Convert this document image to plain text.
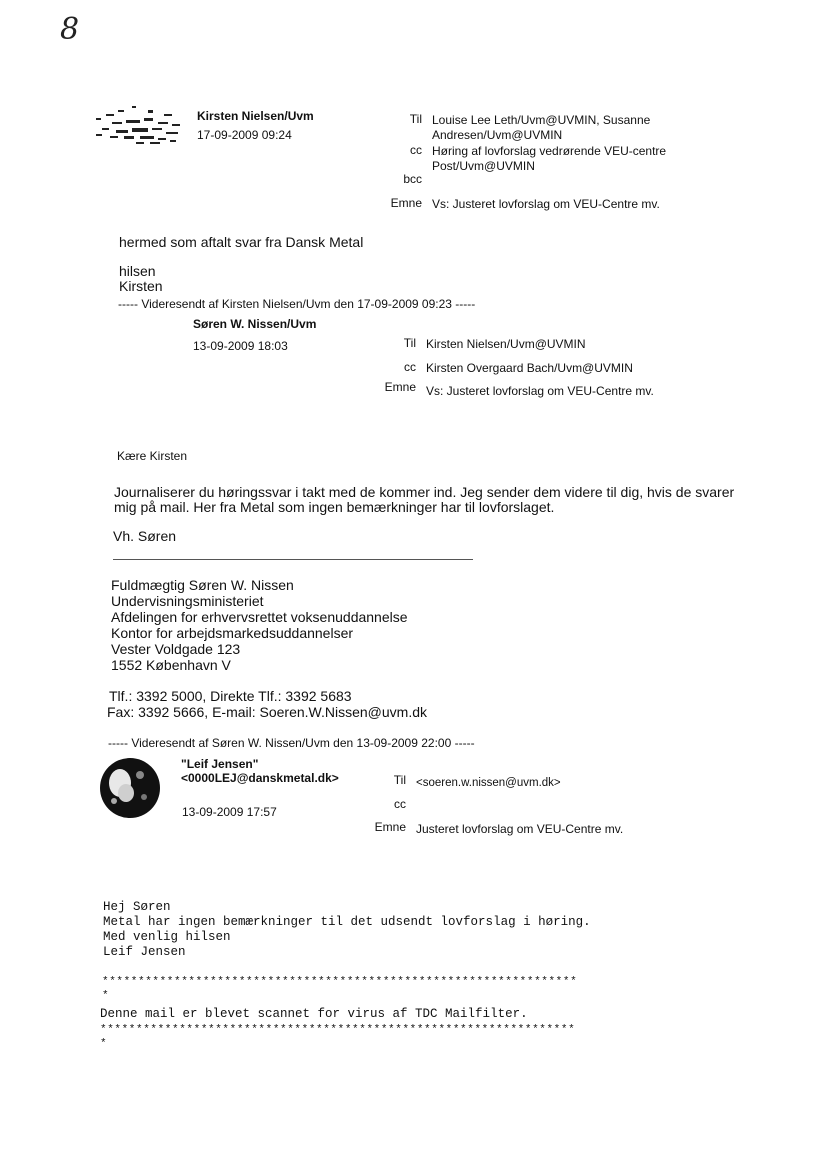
8
Kirsten Nielsen/Uvm
17-09-2009 09:24
Til Louise Lee Leth/Uvm@UVMIN, Susanne
Andresen/Uvm@UVMIN
cc Høring af lovforslag vedrørende VEU-centre
Post/Uvm@UVMIN
bcc
Emne Vs: Justeret lovforslag om VEU-Centre mv.
hermed som aftalt svar fra Dansk Metal
hilsen
Kirsten
----- Videresendt af Kirsten Nielsen/Uvm den 17-09-2009 09:23 -----
Søren W. Nissen/Uvm
13-09-2009 18:03	Til Kirsten Nielsen/Uvm@UVMIN
cc Kirsten Overgaard Bach/Uvm@UVMIN
Emne Vs: Justeret lovforslag om VEU-Centre mv.
Kære Kirsten
Journaliserer du høringssvar i takt med de kommer ind. Jeg sender dem videre til dig, hvis de svarer
mig på mail. Her fra Metal som ingen bemærkninger har til lovforslaget.
Vh. Søren
Fuldmægtig Søren W. Nissen
Undervisningsministeriet
Afdelingen for erhvervsrettet voksenuddannelse
Kontor for arbejdsmarkedsuddannelser
Vester Voldgade 123
1552 København V
Tlf.: 3392 5000, Direkte Tlf.: 3392 5683
Fax: 3392 5666, E-mail: Soeren.W.Nissen@uvm.dk
----- Videresendt af Søren W. Nissen/Uvm den 13-09-2009 22:00 -----
"Leif Jensen"
<0000LEJ@danskmetal.dk>
13-09-2009 17:57
Til <soeren.w.nissen@uvm.dk>
cc
Emne Justeret lovforslag om VEU-Centre mv.
Hej Søren
Metal har ingen bemærkninger til det udsendt lovforslag i høring.
Med venlig hilsen
Leif Jensen
******************************************************************
*
Denne mail er blevet scannet for virus af TDC Mailfilter.
******************************************************************
*
